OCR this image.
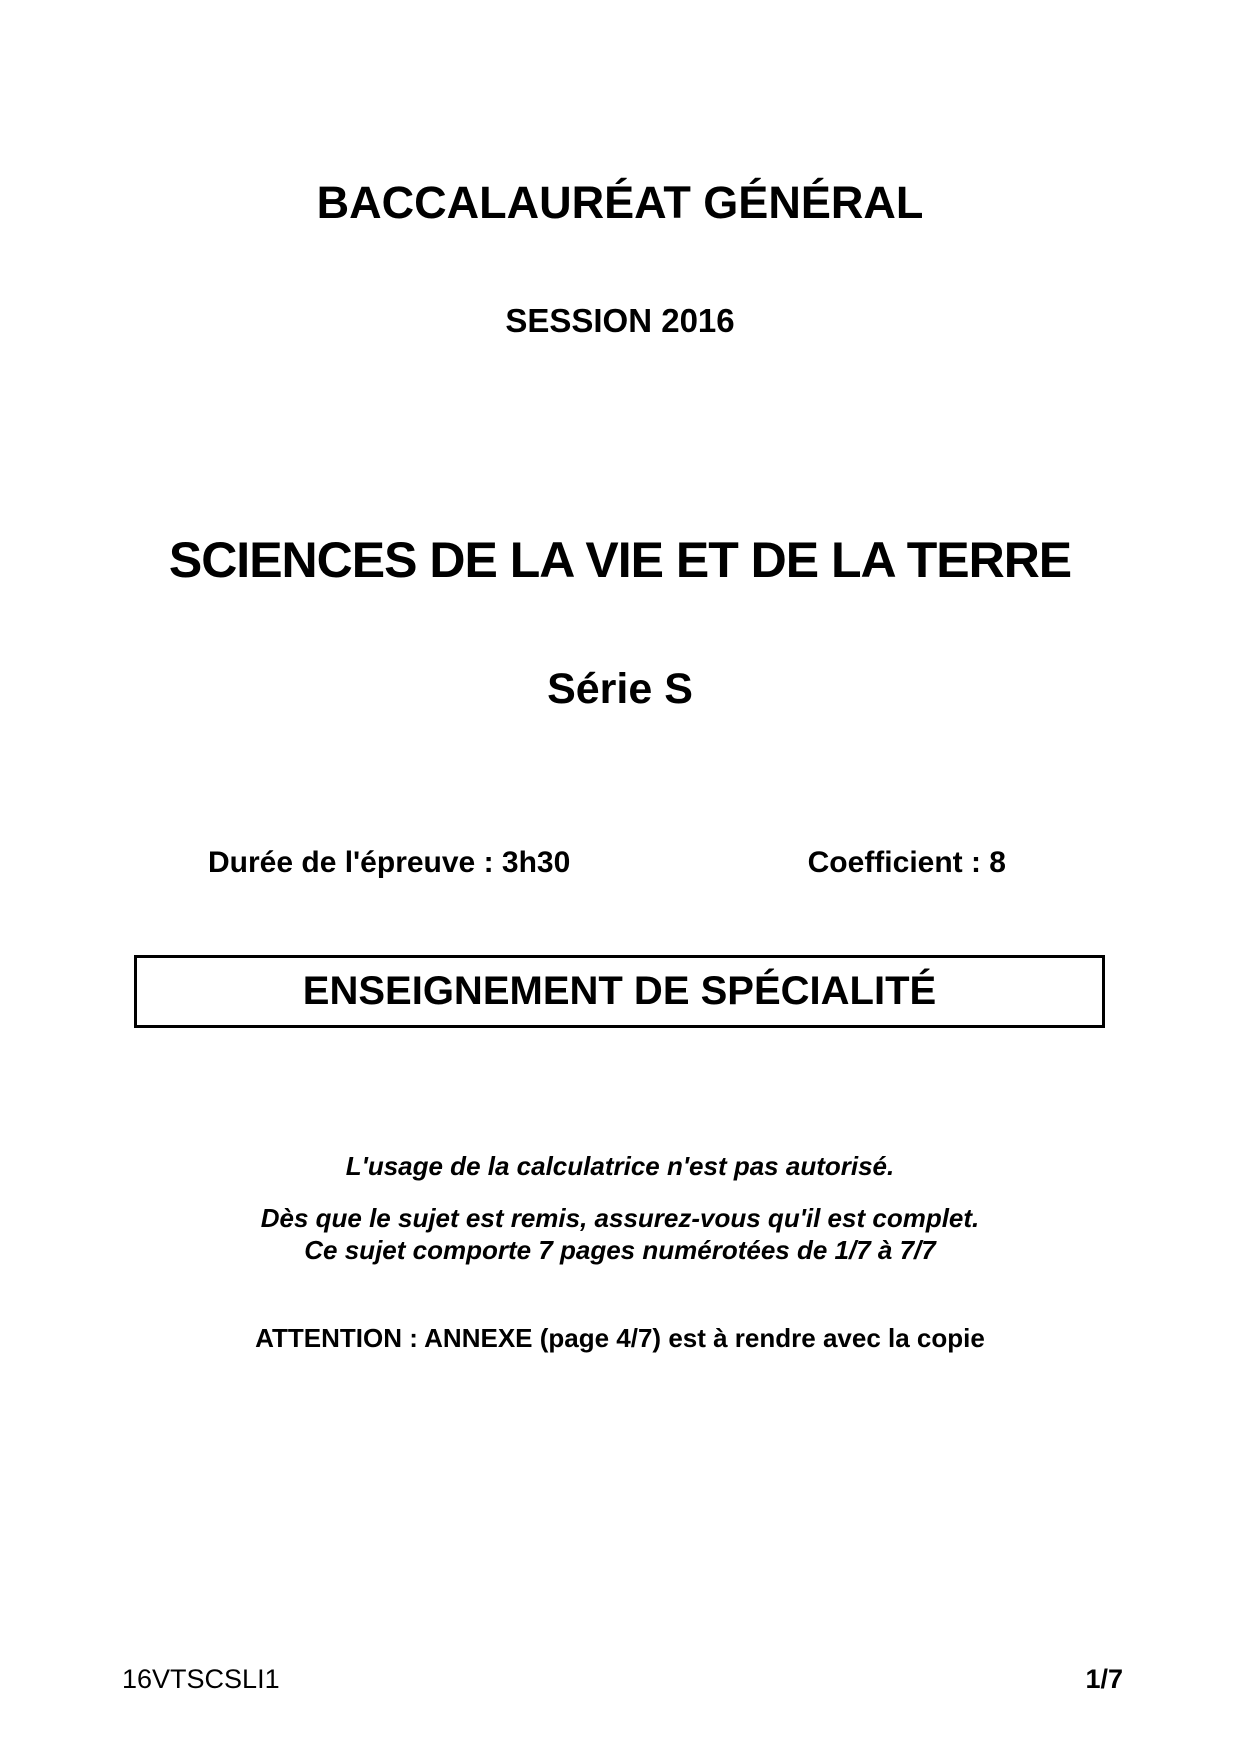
BACCALAURÉAT GÉNÉRAL
SESSION 2016
SCIENCES DE LA VIE ET DE LA TERRE
Série S
Durée de l'épreuve : 3h30	Coefficient : 8
ENSEIGNEMENT DE SPÉCIALITÉ
L'usage de la calculatrice n'est pas autorisé.
Dès que le sujet est remis, assurez-vous qu'il est complet.
Ce sujet comporte 7 pages numérotées de 1/7 à 7/7
ATTENTION : ANNEXE (page 4/7) est à rendre avec la copie
16VTSCSLI1	1/7
